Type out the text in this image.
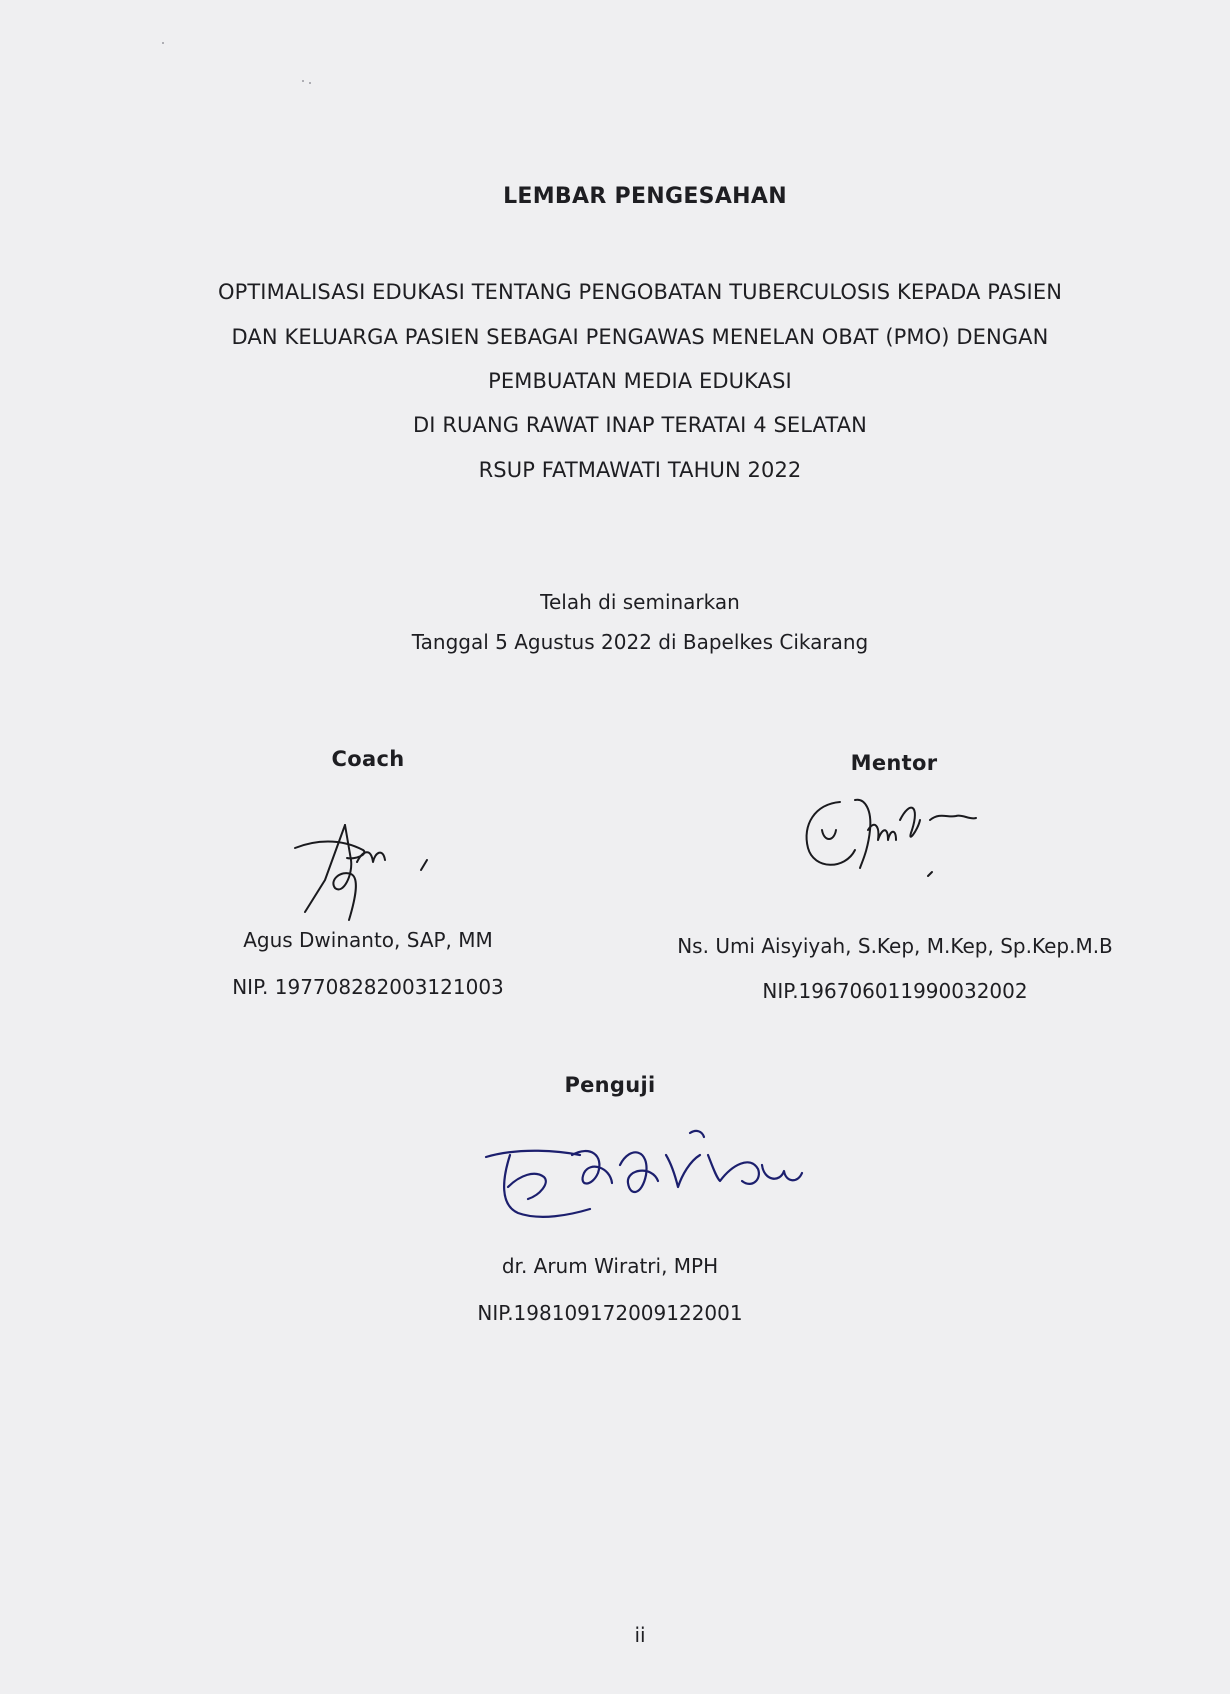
LEMBAR PENGESAHAN
OPTIMALISASI EDUKASI TENTANG PENGOBATAN TUBERCULOSIS KEPADA PASIEN
DAN KELUARGA PASIEN SEBAGAI PENGAWAS MENELAN OBAT (PMO) DENGAN
PEMBUATAN MEDIA EDUKASI
DI RUANG RAWAT INAP TERATAI 4 SELATAN
RSUP FATMAWATI TAHUN 2022
Telah di seminarkan
Tanggal 5 Agustus 2022 di Bapelkes Cikarang
Coach
Agus Dwinanto, SAP, MM
NIP. 197708282003121003
Mentor
Ns. Umi Aisyiyah, S.Kep, M.Kep, Sp.Kep.M.B
NIP.196706011990032002
Penguji
dr. Arum Wiratri, MPH
NIP.198109172009122001
ii
